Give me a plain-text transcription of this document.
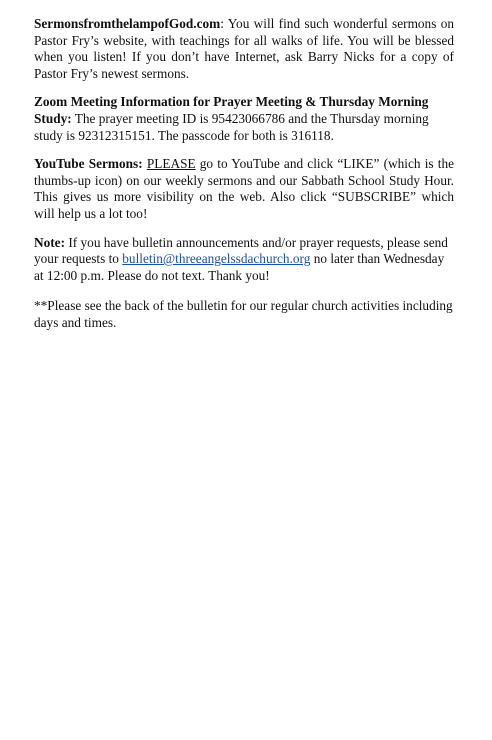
SermonsfromthelampofGod.com: You will find such wonderful sermons on Pastor Fry’s website, with teachings for all walks of life. You will be blessed when you listen! If you don’t have Internet, ask Barry Nicks for a copy of Pastor Fry’s newest sermons.

Zoom Meeting Information for Prayer Meeting & Thursday Morning Study: The prayer meeting ID is 95423066786 and the Thursday morning study is 92312315151. The passcode for both is 316118.

YouTube Sermons: PLEASE go to YouTube and click “LIKE” (which is the thumbs-up icon) on our weekly sermons and our Sabbath School Study Hour. This gives us more visibility on the web. Also click “SUBSCRIBE” which will help us a lot too!

Note: If you have bulletin announcements and/or prayer requests, please send your requests to bulletin@threeangelssdachurch.org no later than Wednesday at 12:00 p.m. Please do not text. Thank you!

**Please see the back of the bulletin for our regular church activities including days and times.
